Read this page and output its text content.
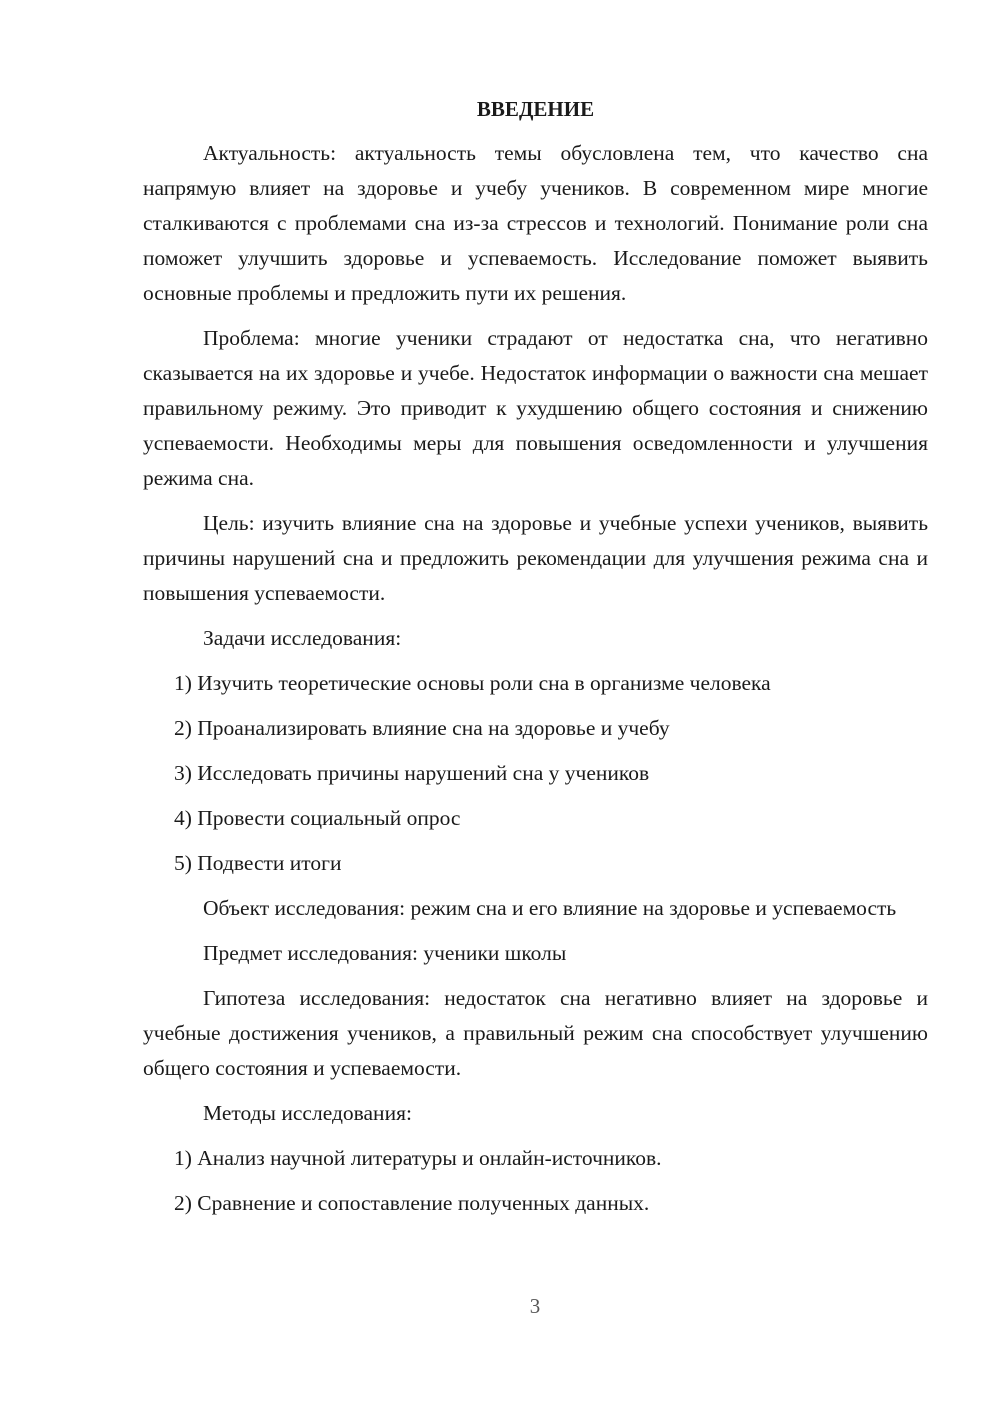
ВВЕДЕНИЕ

Актуальность: актуальность темы обусловлена тем, что качество сна напрямую влияет на здоровье и учебу учеников. В современном мире многие сталкиваются с проблемами сна из-за стрессов и технологий. Понимание роли сна поможет улучшить здоровье и успеваемость. Исследование поможет выявить основные проблемы и предложить пути их решения.

Проблема: многие ученики страдают от недостатка сна, что негативно сказывается на их здоровье и учебе. Недостаток информации о важности сна мешает правильному режиму. Это приводит к ухудшению общего состояния и снижению успеваемости. Необходимы меры для повышения осведомленности и улучшения режима сна.

Цель: изучить влияние сна на здоровье и учебные успехи учеников, выявить причины нарушений сна и предложить рекомендации для улучшения режима сна и повышения успеваемости.

Задачи исследования:

1) Изучить теоретические основы роли сна в организме человека
2) Проанализировать влияние сна на здоровье и учебу
3) Исследовать причины нарушений сна у учеников
4) Провести социальный опрос
5) Подвести итоги

Объект исследования: режим сна и его влияние на здоровье и успеваемость

Предмет исследования: ученики школы

Гипотеза исследования: недостаток сна негативно влияет на здоровье и учебные достижения учеников, а правильный режим сна способствует улучшению общего состояния и успеваемости.

Методы исследования:

1) Анализ научной литературы и онлайн-источников.
2) Сравнение и сопоставление полученных данных.
3
